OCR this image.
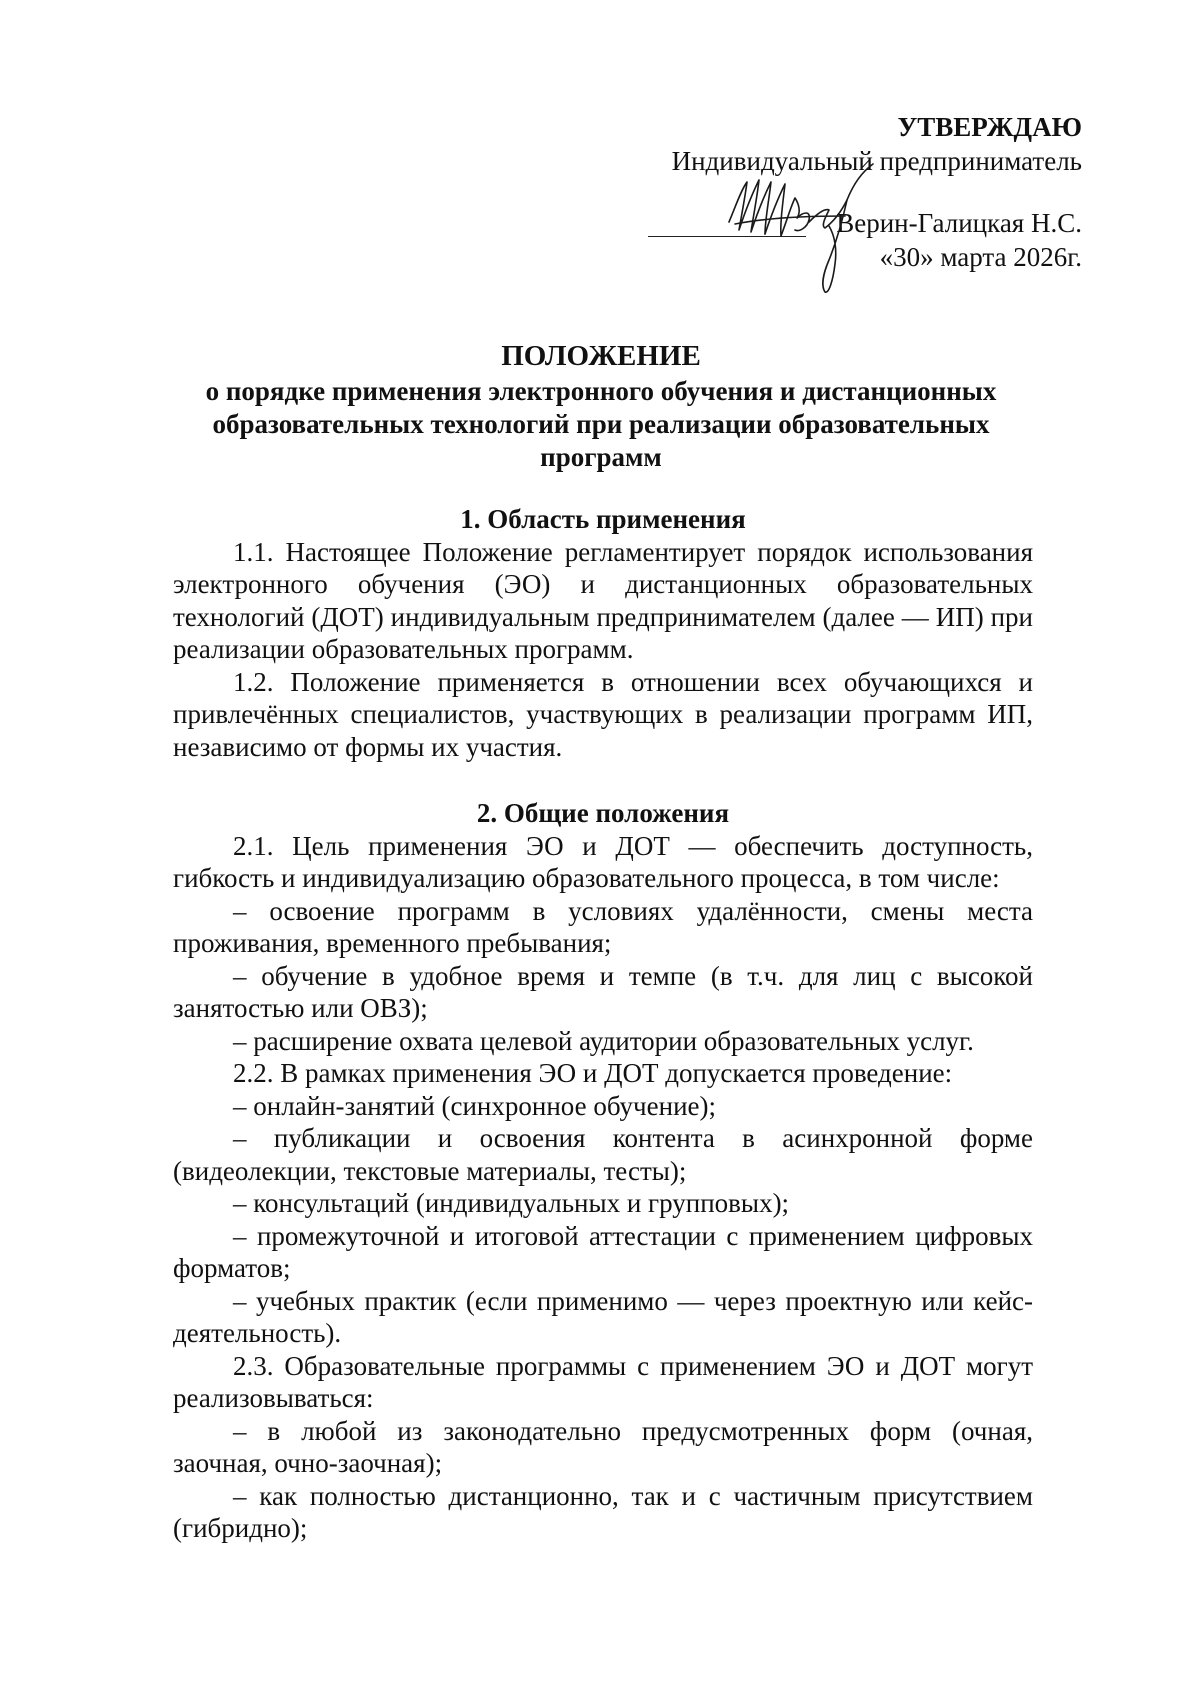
УТВЕРЖДАЮ
Индивидуальный предприниматель
Верин-Галицкая Н.С.
«30» марта 2026г.
ПОЛОЖЕНИЕ
о порядке применения электронного обучения и дистанционных
образовательных технологий при реализации образовательных
программ

1. Область применения

1.1. Настоящее Положение регламентирует порядок использования электронного обучения (ЭО) и дистанционных образовательных технологий (ДОТ) индивидуальным предпринимателем (далее — ИП) при реализации образовательных программ.

1.2. Положение применяется в отношении всех обучающихся и привлечённых специалистов, участвующих в реализации программ ИП, независимо от формы их участия.

2. Общие положения

2.1. Цель применения ЭО и ДОТ — обеспечить доступность, гибкость и индивидуализацию образовательного процесса, в том числе:

– освоение программ в условиях удалённости, смены места проживания, временного пребывания;

– обучение в удобное время и темпе (в т.ч. для лиц с высокой занятостью или ОВЗ);

– расширение охвата целевой аудитории образовательных услуг.

2.2. В рамках применения ЭО и ДОТ допускается проведение:

– онлайн-занятий (синхронное обучение);

– публикации и освоения контента в асинхронной форме (видеолекции, текстовые материалы, тесты);

– консультаций (индивидуальных и групповых);

– промежуточной и итоговой аттестации с применением цифровых форматов;

– учебных практик (если применимо — через проектную или кейс-деятельность).

2.3. Образовательные программы с применением ЭО и ДОТ могут реализовываться:

– в любой из законодательно предусмотренных форм (очная, заочная, очно-заочная);

– как полностью дистанционно, так и с частичным присутствием (гибридно);
